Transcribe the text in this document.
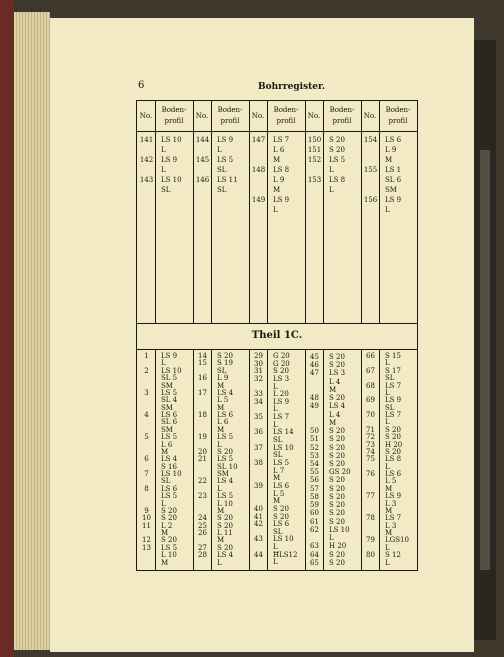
6	Bohrregister.
Theil 1C.
No.
Boden-
profil
No.
Boden-
profil
No.
Boden-
profil
No.
Boden-
profil
No.
Boden-
profil
141 LS 10
L
142 LS 9
L
143 LS 10
SL
144 LS 9
L
145 LS 5
SL
146 LS 11
SL
147 LS 7
L 6
M
148 LS 8
L 9
M
149 LS 9
L
150 S 20
151 S 20
152 LS 5
L
153 LS 8
L
154 LS 6
L 9
M
155 LS 1
SL 6
SM
156 LS 9
L
1	LS 9
L
2	LS 10
SL 5
SM
3	LS 5
SL 4
SM
4	LS 6
SL 6
SM
5	LS 5
L 6
M
6	LS 4
S 16
7	LS 10
SL
8	LS 6
LS 5
L
9	S 20
10	S 20
11	L 2
M
12	S 20
13	LS 5
L 10
M
14	S 20
15	S 19
SL
16	L 9
M
17	LS 4
L 5
M
18	LS 6
L 6
M
19	LS 5
L
20	S 20
21	LS 5
SL 10
SM
22	LS 4
L
23	LS 5
L 10
M
24	S 20
25	S 20
26	L 11
M
27	S 20
28	LS 4
L
29	G 20
30	G 20
31	S 20
32	LS 3
L
33	L 20
34	LS 9
L
35	LS 7
L
36	LS 14
SL
37	LS 10
SL
38	LS 5
L 7
M
39	LS 6
L 5
M
40	S 20
41	S 20
42	LS 6
SL
43	LS 10
L
44	ĦLS12
L
45	S 20
46	S 20
47	LS 3
L 4
M
48	S 20
49	LS 4
L 4
M
50	S 20
51	S 20
52	S 20
53	S 20
54	S 20
55	GS 20
56	S 20
57	S 20
58	S 20
59	S 20
60	S 20
61	S 20
62	LS 10
L
63	H 20
64	S 20
65	S 20
66	S 15
L
67	S 17
SL
68	LS 7
L
69	LS 9
SL
70	LS 7
L
71	S 20
72	S 20
73	H 20
74	S 20
75	LS 8
L
76	LS 6
L 5
M
77	LS 9
L 3
M
78	LS 7
L 3
M
79	LGS10
L
80	S 12
L
